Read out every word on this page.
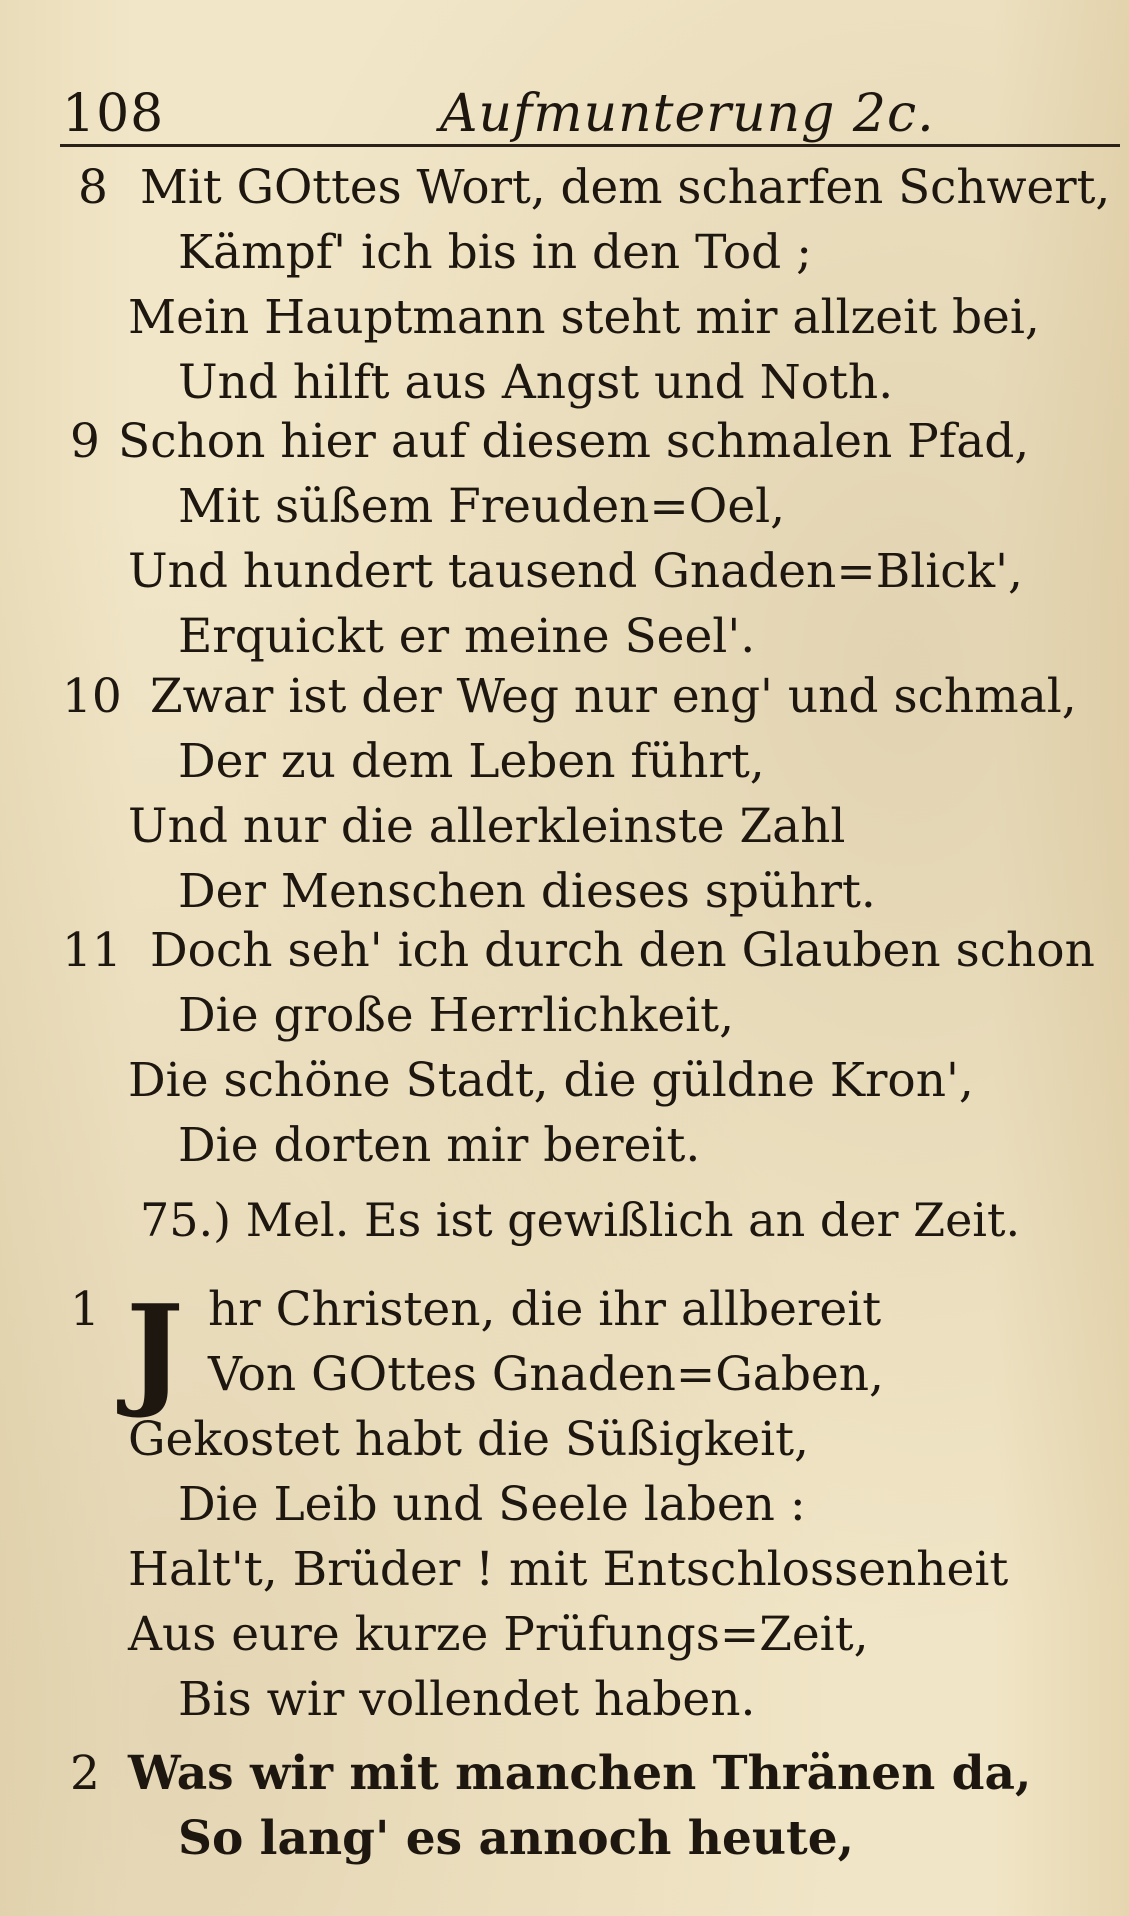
108	Aufmunterung 2c.
8 Mit GOttes Wort, dem scharfen Schwert,
Kämpf' ich bis in den Tod ;
Mein Hauptmann steht mir allzeit bei,
Und hilft aus Angst und Noth.
9 Schon hier auf diesem schmalen Pfad,
Mit süßem Freuden=Oel,
Und hundert tausend Gnaden=Blick',
Erquickt er meine Seel'.
10 Zwar ist der Weg nur eng' und schmal,
Der zu dem Leben führt,
Und nur die allerkleinste Zahl
Der Menschen dieses spührt.
11 Doch seh' ich durch den Glauben schon
Die große Herrlichkeit,
Die schöne Stadt, die güldne Kron',
Die dorten mir bereit.
75.) Mel. Es ist gewißlich an der Zeit.
1 J hr Christen, die ihr allbereit
Von GOttes Gnaden=Gaben,
Gekostet habt die Süßigkeit,
Die Leib und Seele laben :
Halt't, Brüder ! mit Entschlossenheit
Aus eure kurze Prüfungs=Zeit,
Bis wir vollendet haben.
2 Was wir mit manchen Thränen da,
So lang' es annoch heute,
